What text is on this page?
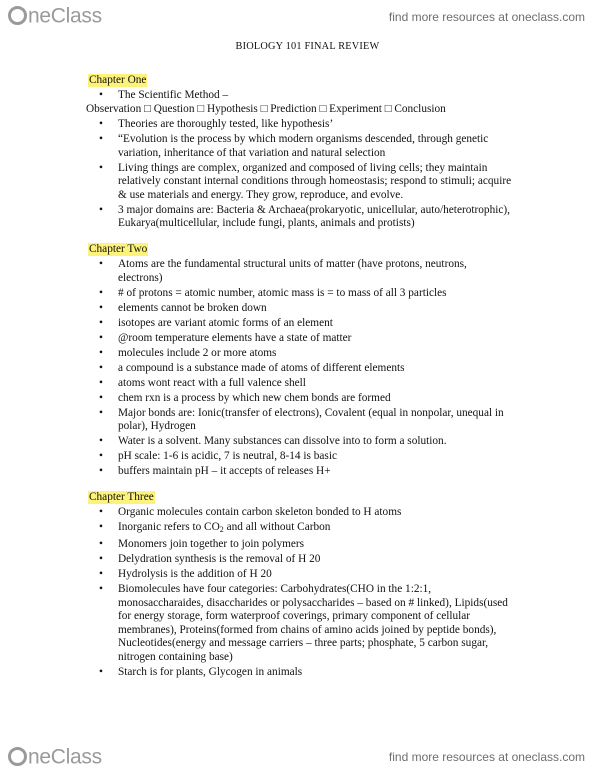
neClass	find more resources at oneclass.com
BIOLOGY 101 FINAL REVIEW
Chapter One
• The Scientific Method –
Observation □ Question □ Hypothesis □ Prediction □ Experiment □ Conclusion
• Theories are thoroughly tested, like hypothesis’
• “Evolution is the process by which modern organisms descended, through genetic variation, inheritance of that variation and natural selection
• Living things are complex, organized and composed of living cells; they maintain relatively constant internal conditions through homeostasis; respond to stimuli; acquire & use materials and energy. They grow, reproduce, and evolve.
• 3 major domains are: Bacteria & Archaea(prokaryotic, unicellular, auto/heterotrophic), Eukarya(multicellular, include fungi, plants, animals and protists)
Chapter Two
• Atoms are the fundamental structural units of matter (have protons, neutrons, electrons)
• # of protons = atomic number, atomic mass is = to mass of all 3 particles
• elements cannot be broken down
• isotopes are variant atomic forms of an element
• @room temperature elements have a state of matter
• molecules include 2 or more atoms
• a compound is a substance made of atoms of different elements
• atoms wont react with a full valence shell
• chem rxn is a process by which new chem bonds are formed
• Major bonds are: Ionic(transfer of electrons), Covalent (equal in nonpolar, unequal in polar), Hydrogen
• Water is a solvent. Many substances can dissolve into to form a solution.
• pH scale: 1-6 is acidic, 7 is neutral, 8-14 is basic
• buffers maintain pH – it accepts of releases H+
Chapter Three
• Organic molecules contain carbon skeleton bonded to H atoms
• Inorganic refers to CO2 and all without Carbon
• Monomers join together to join polymers
• Delydration synthesis is the removal of H 20
• Hydrolysis is the addition of H 20
• Biomolecules have four categories: Carbohydrates(CHO in the 1:2:1, monosaccharaides, disaccharides or polysaccharides – based on # linked), Lipids(used for energy storage, form waterproof coverings, primary component of cellular membranes), Proteins(formed from chains of amino acids joined by peptide bonds), Nucleotides(energy and message carriers – three parts; phosphate, 5 carbon sugar, nitrogen containing base)
• Starch is for plants, Glycogen in animals
neClass	find more resources at oneclass.com
